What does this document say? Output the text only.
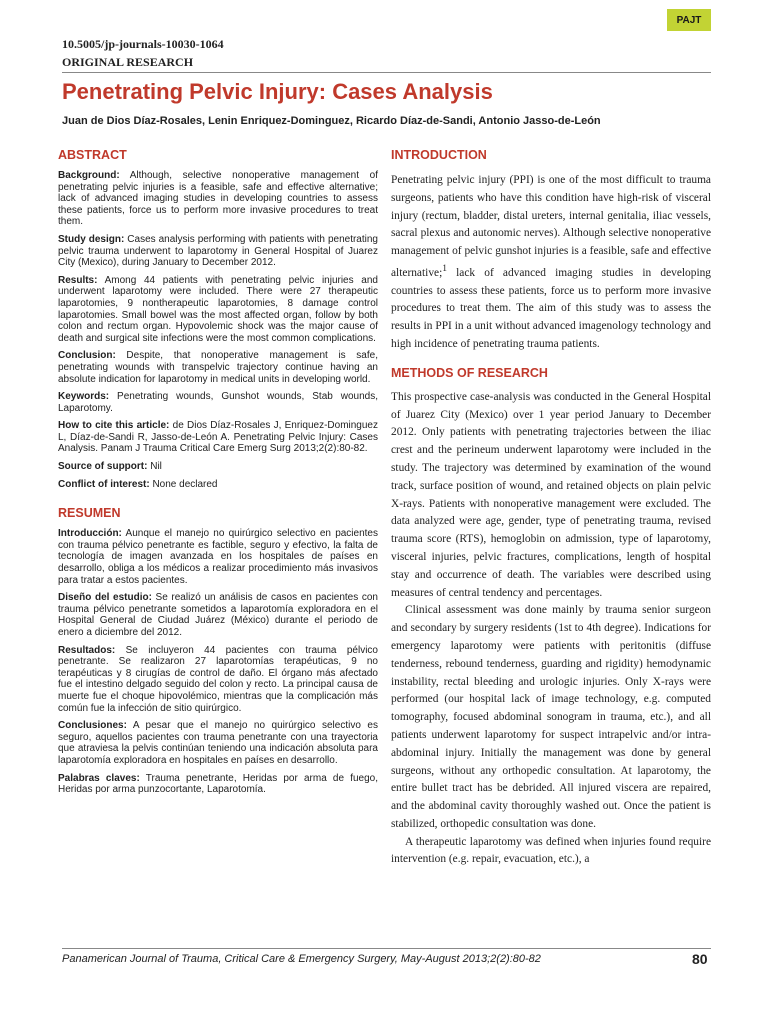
PAJT
10.5005/jp-journals-10030-1064
ORIGINAL RESEARCH
Penetrating Pelvic Injury: Cases Analysis
Juan de Dios Díaz-Rosales, Lenin Enriquez-Dominguez, Ricardo Díaz-de-Sandi, Antonio Jasso-de-León
ABSTRACT

Background: Although, selective nonoperative management of penetrating pelvic injuries is a feasible, safe and effective alternative; lack of advanced imaging studies in developing countries to assess these patients, force us to perform more invasive procedures to treat them.

Study design: Cases analysis performing with patients with penetrating pelvic trauma underwent to laparotomy in General Hospital of Juarez City (Mexico), during January to December 2012.

Results: Among 44 patients with penetrating pelvic injuries and underwent laparotomy were included. There were 27 therapeutic laparotomies, 9 nontherapeutic laparotomies, 8 damage control laparotomies. Small bowel was the most affected organ, follow by both colon and rectum organ. Hypovolemic shock was the major cause of death and surgical site infections were the most common complications.

Conclusion: Despite, that nonoperative management is safe, penetrating wounds with transpelvic trajectory continue having an absolute indication for laparotomy in medical units in developing world.

Keywords: Penetrating wounds, Gunshot wounds, Stab wounds, Laparotomy.

How to cite this article: de Dios Díaz-Rosales J, Enriquez-Dominguez L, Díaz-de-Sandi R, Jasso-de-León A. Penetrating Pelvic Injury: Cases Analysis. Panam J Trauma Critical Care Emerg Surg 2013;2(2):80-82.

Source of support: Nil

Conflict of interest: None declared

RESUMEN

Introducción: Aunque el manejo no quirúrgico selectivo en pacientes con trauma pélvico penetrante es factible, seguro y efectivo, la falta de tecnología de imagen avanzada en los hospitales de países en desarrollo, obliga a los médicos a realizar procedimiento más invasivos para tratar a estos pacientes.

Diseño del estudio: Se realizó un análisis de casos en pacientes con trauma pélvico penetrante sometidos a laparotomía exploradora en el Hospital General de Ciudad Juárez (México) durante el periodo de enero a diciembre del 2012.

Resultados: Se incluyeron 44 pacientes con trauma pélvico penetrante. Se realizaron 27 laparotomías terapéuticas, 9 no terapéuticas y 8 cirugías de control de daño. El órgano más afectado fue el intestino delgado seguido del colon y recto. La principal causa de muerte fue el choque hipovolémico, mientras que la complicación más común fue la infección de sitio quirúrgico.

Conclusiones: A pesar que el manejo no quirúrgico selectivo es seguro, aquellos pacientes con trauma penetrante con una trayectoria que atraviesa la pelvis continúan teniendo una indicación absoluta para laparotomía exploradora en hospitales en países en desarrollo.

Palabras claves: Trauma penetrante, Heridas por arma de fuego, Heridas por arma punzocortante, Laparotomía.

INTRODUCTION

Penetrating pelvic injury (PPI) is one of the most difficult to trauma surgeons, patients who have this condition have high-risk of visceral injury (rectum, bladder, distal ureters, internal genitalia, iliac vessels, sacral plexus and autonomic nerves). Although selective nonoperative management of pelvic gunshot injuries is a feasible, safe and effective alternative;$^1$ lack of advanced imaging studies in developing countries to assess these patients, force us to perform more invasive procedures to treat them. The aim of this study was to assess the results in PPI in a unit without advanced imagenology technology and high incidence of penetrating trauma patients.

METHODS OF RESEARCH

This prospective case-analysis was conducted in the General Hospital of Juarez City (Mexico) over 1 year period January to December 2012. Only patients with penetrating trajectories between the iliac crest and the perineum underwent laparotomy were included in the study. The trajectory was determined by examination of the wound track, surface position of wound, and retained objects on plain pelvic X-rays. Patients with nonoperative management were excluded. The data analyzed were age, gender, type of penetrating trauma, revised trauma score (RTS), hemoglobin on admission, type of laparotomy, visceral injuries, pelvic fractures, complications, length of hospital stay and occurrence of death. The variables were described using measures of central tendency and percentages.

Clinical assessment was done mainly by trauma senior surgeon and secondary by surgery residents (1st to 4th degree). Indications for emergency laparotomy were patients with peritonitis (diffuse tenderness, rebound tenderness, guarding and rigidity) hemodynamic instability, rectal bleeding and urologic injuries. Only X-rays were performed (our hospital lack of image technology, e.g. computed tomography, focused abdominal sonogram in trauma, etc.), and all patients underwent laparotomy for suspect intrapelvic and/or intra-abdominal injury. Initially the management was done by general surgeons, without any orthopedic consultation. At laparotomy, the entire bullet tract has be debrided. All injured viscera are repaired, and the abdominal cavity thoroughly washed out. Once the patient is stabilized, orthopedic consultation was done.

A therapeutic laparotomy was defined when injuries found require intervention (e.g. repair, evacuation, etc.), a

Panamerican Journal of Trauma, Critical Care & Emergency Surgery, May-August 2013;2(2):80-82	80
